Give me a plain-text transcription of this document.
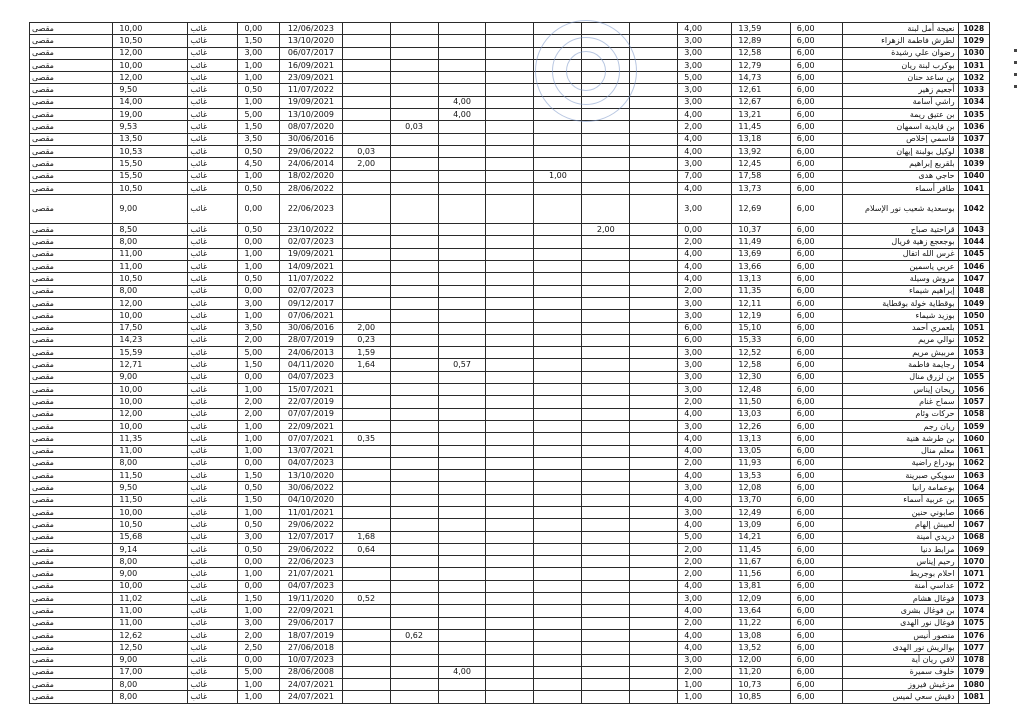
مقصى	10,00	غائب	0,00	12/06/2023								4,00	13,59	6,00	نعيجة أمل لبنة	1028
مقصى	10,50	غائب	1,50	13/10/2020								3,00	12,89	6,00	لطرش فاطمة الزهراء	1029
مقصى	12,00	غائب	3,00	06/07/2017								3,00	12,58	6,00	رضوان علي رشيدة	1030
مقصى	10,00	غائب	1,00	16/09/2021								3,00	12,79	6,00	بوكرب لبنة ريان	1031
مقصى	12,00	غائب	1,00	23/09/2021								5,00	14,73	6,00	بن ساعد حنان	1032
مقصى	9,50	غائب	0,50	11/07/2022								3,00	12,61	6,00	أجعيم زهير	1033
مقصى	14,00	غائب	1,00	19/09/2021			4,00					3,00	12,67	6,00	راشي أسامة	1034
مقصى	19,00	غائب	5,00	13/10/2009			4,00					4,00	13,21	6,00	بن عتيق ريمة	1035
مقصى	9,53	غائب	1,50	08/07/2020		0,03						2,00	11,45	6,00	بن قايدية اسمهان	1036
مقصى	13,50	غائب	3,50	30/06/2016								4,00	13,18	6,00	قاسمي إخلاص	1037
مقصى	10,53	غائب	0,50	29/06/2022	0,03							4,00	13,92	6,00	لوكيل بولبنة إيهان	1038
مقصى	15,50	غائب	4,50	24/06/2014	2,00							3,00	12,45	6,00	بلقريع إبراهيم	1039
مقصى	15,50	غائب	1,00	18/02/2020					1,00			7,00	17,58	6,00	حاجي هدى	1040
مقصى	10,50	غائب	0,50	28/06/2022								4,00	13,73	6,00	طافر أسماء	1041
مقصى	9,00	غائب	0,00	22/06/2023								3,00	12,69	6,00	بوسعدية شعيب نور الإسلام	1042
مقصى	8,50	غائب	0,50	23/10/2022						2,00		0,00	10,37	6,00	قراحتية صباح	1043
مقصى	8,00	غائب	0,00	02/07/2023								2,00	11,49	6,00	بوجعجع زهية فريال	1044
مقصى	11,00	غائب	1,00	19/09/2021								4,00	13,69	6,00	غرس الله اتفال	1045
مقصى	11,00	غائب	1,00	14/09/2021								4,00	13,66	6,00	عربي ياسمين	1046
مقصى	10,50	غائب	0,50	11/07/2022								4,00	13,13	6,00	مروش وسيلة	1047
مقصى	8,00	غائب	0,00	02/07/2023								2,00	11,35	6,00	إبراهيم شيماء	1048
مقصى	12,00	غائب	3,00	09/12/2017								3,00	12,11	6,00	بوقطاية خولة بوقطاية	1049
مقصى	10,00	غائب	1,00	07/06/2021								3,00	12,19	6,00	بوزيد شيماء	1050
مقصى	17,50	غائب	3,50	30/06/2016	2,00							6,00	15,10	6,00	بلعمري أحمد	1051
مقصى	14,23	غائب	2,00	28/07/2019	0,23							6,00	15,33	6,00	نوالي مريم	1052
مقصى	15,59	غائب	5,00	24/06/2013	1,59							3,00	12,52	6,00	مربيش مريم	1053
مقصى	12,71	غائب	1,50	04/11/2020	1,64		0,57					3,00	12,58	6,00	رجايمة فاطمة	1054
مقصى	9,00	غائب	0,00	04/07/2023								3,00	12,30	6,00	بن لزرق منال	1055
مقصى	10,00	غائب	1,00	15/07/2021								3,00	12,48	6,00	ريحان إيناس	1056
مقصى	10,00	غائب	2,00	22/07/2019								2,00	11,50	6,00	سماح غنام	1057
مقصى	12,00	غائب	2,00	07/07/2019								4,00	13,03	6,00	حركات وئام	1058
مقصى	10,00	غائب	1,00	22/09/2021								3,00	12,26	6,00	ريان رجم	1059
مقصى	11,35	غائب	1,00	07/07/2021	0,35							4,00	13,13	6,00	بن طرشة هنية	1060
مقصى	11,00	غائب	1,00	13/07/2021								4,00	13,05	6,00	معلم منال	1061
مقصى	8,00	غائب	0,00	04/07/2023								2,00	11,93	6,00	بودراع راضية	1062
مقصى	11,50	غائب	1,50	13/10/2020								4,00	13,53	6,00	سويكي صبرينة	1063
مقصى	9,50	غائب	0,50	30/06/2022								3,00	12,08	6,00	بوعمامة رانيا	1064
مقصى	11,50	غائب	1,50	04/10/2020								4,00	13,70	6,00	بن عربية أسماء	1065
مقصى	10,00	غائب	1,00	11/01/2021								3,00	12,49	6,00	صابوني حنين	1066
مقصى	10,50	غائب	0,50	29/06/2022								4,00	13,09	6,00	لعبيش إلهام	1067
مقصى	15,68	غائب	3,00	12/07/2017	1,68							5,00	14,21	6,00	دريدي أمينة	1068
مقصى	9,14	غائب	0,50	29/06/2022	0,64							2,00	11,45	6,00	مرابط دنيا	1069
مقصى	8,00	غائب	0,00	22/06/2023								2,00	11,67	6,00	رحيم إيناس	1070
مقصى	9,00	غائب	1,00	21/07/2021								2,00	11,56	6,00	احلام بوجريط	1071
مقصى	10,00	غائب	0,00	04/07/2023								4,00	13,81	6,00	عداسي أمنة	1072
مقصى	11,02	غائب	1,50	19/11/2020	0,52							3,00	12,09	6,00	فوغال هشام	1073
مقصى	11,00	غائب	1,00	22/09/2021								4,00	13,64	6,00	بن فوغال بشرى	1074
مقصى	11,00	غائب	3,00	29/06/2017								2,00	11,22	6,00	فوغال نور الهدى	1075
مقصى	12,62	غائب	2,00	18/07/2019		0,62						4,00	13,08	6,00	منصور أنيس	1076
مقصى	12,50	غائب	2,50	27/06/2018								4,00	13,52	6,00	بوالريش نور الهدى	1077
مقصى	9,00	غائب	0,00	10/07/2023								3,00	12,00	6,00	لافي ريان أية	1078
مقصى	17,00	غائب	5,00	28/06/2008			4,00					2,00	11,20	6,00	خلوف سميرة	1079
مقصى	8,00	غائب	1,00	24/07/2021								1,00	10,73	6,00	مزغيش فيروز	1080
مقصى	8,00	غائب	1,00	24/07/2021								1,00	10,85	6,00	دقيش سعي لميس	1081
